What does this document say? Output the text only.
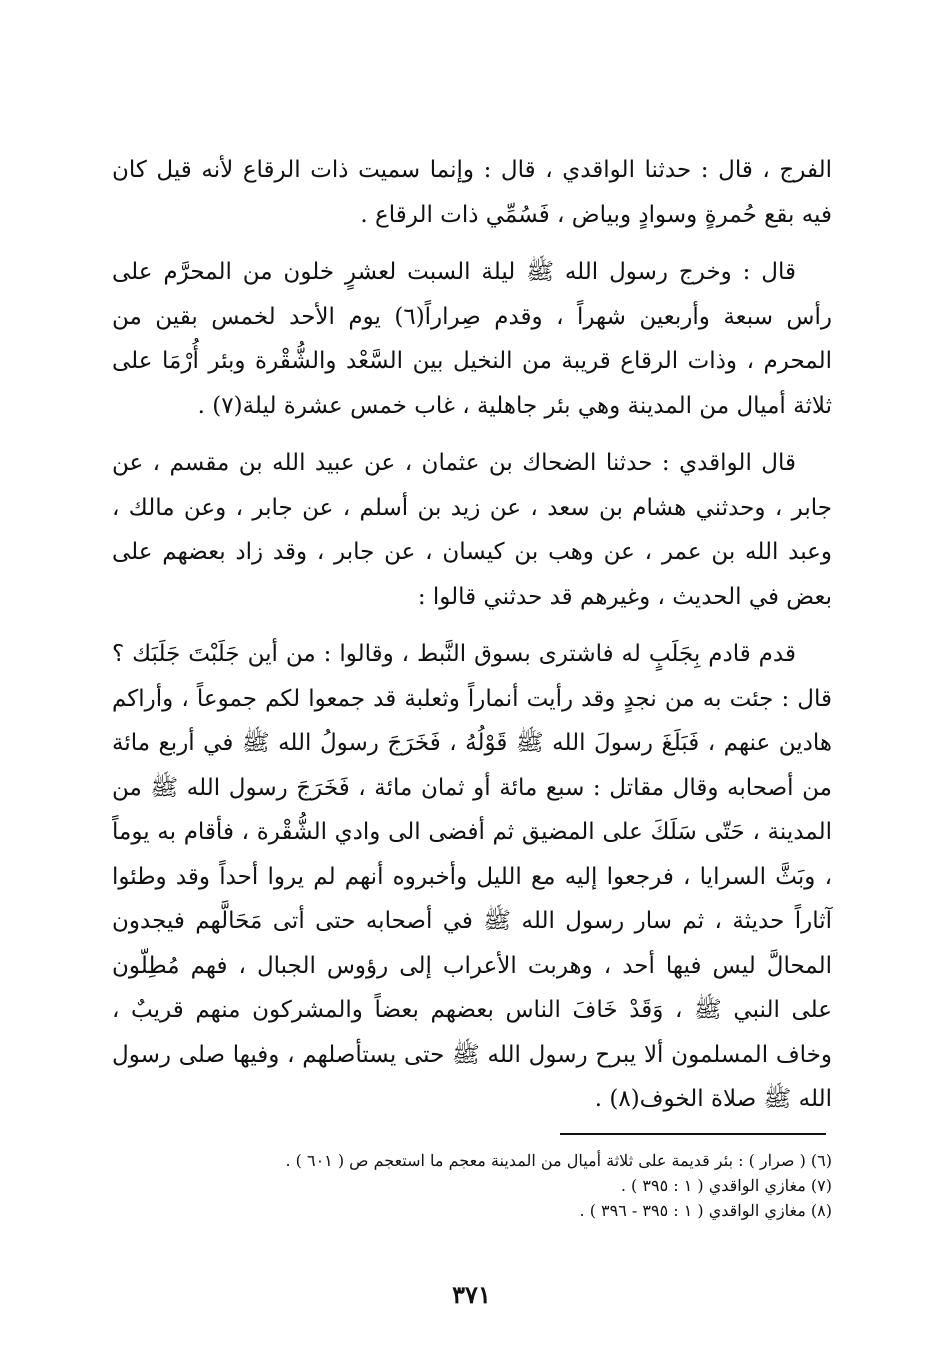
الفرج ، قال : حدثنا الواقدي ، قال : وإنما سميت ذات الرقاع لأنه قيل كان فيه بقع حُمرةٍ وسوادٍ وبياض ، فَسُمِّي ذات الرقاع .

قال : وخرج رسول الله ﷺ ليلة السبت لعشرٍ خلون من المحرَّم على رأس سبعة وأربعين شهراً ، وقدم صِراراً(٦) يوم الأحد لخمس بقين من المحرم ، وذات الرقاع قريبة من النخيل بين السَّعْد والشُّقْرة وبئر أُرْمَا على ثلاثة أميال من المدينة وهي بئر جاهلية ، غاب خمس عشرة ليلة(٧) .

قال الواقدي : حدثنا الضحاك بن عثمان ، عن عبيد الله بن مقسم ، عن جابر ، وحدثني هشام بن سعد ، عن زيد بن أسلم ، عن جابر ، وعن مالك ، وعبد الله بن عمر ، عن وهب بن كيسان ، عن جابر ، وقد زاد بعضهم على بعض في الحديث ، وغيرهم قد حدثني قالوا :

قدم قادم بِجَلَبٍ له فاشترى بسوق النَّبط ، وقالوا : من أين جَلَبْتَ جَلَبَك ؟ قال : جئت به من نجدٍ وقد رأيت أنماراً وثعلبة قد جمعوا لكم جموعاً ، وأراكم هادين عنهم ، فَبَلَغَ رسولَ الله ﷺ قَوْلُهُ ، فَخَرَجَ رسولُ الله ﷺ في أربع مائة من أصحابه وقال مقاتل : سبع مائة أو ثمان مائة ، فَخَرَجَ رسول الله ﷺ من المدينة ، حَتّى سَلَكَ على المضيق ثم أفضى الى وادي الشُّقْرة ، فأقام به يوماً ، وبَثَّ السرايا ، فرجعوا إليه مع الليل وأخبروه أنهم لم يروا أحداً وقد وطئوا آثاراً حديثة ، ثم سار رسول الله ﷺ في أصحابه حتى أتى مَحَالَّهم فيجدون المحالَّ ليس فيها أحد ، وهربت الأعراب إلى رؤوس الجبال ، فهم مُطِلّون على النبي ﷺ ، وَقَدْ خَافَ الناس بعضهم بعضاً والمشركون منهم قريبٌ ، وخاف المسلمون ألا يبرح رسول الله ﷺ حتى يستأصلهم ، وفيها صلى رسول الله ﷺ صلاة الخوف(٨) .

(٦) ( صرار ) : بئر قديمة على ثلاثة أميال من المدينة معجم ما استعجم ص ( ٦٠١ ) .

(٧) مغازي الواقدي ( ١ : ٣٩٥ ) .

(٨) مغازي الواقدي ( ١ : ٣٩٥ - ٣٩٦ ) .

٣٧١
